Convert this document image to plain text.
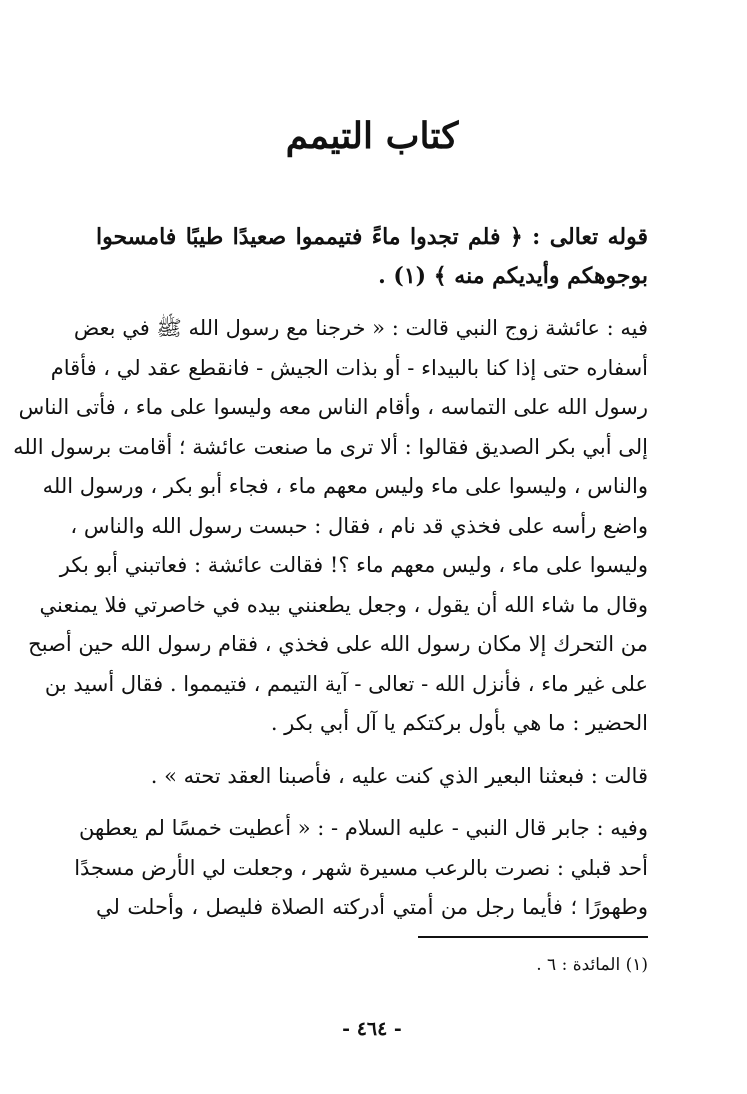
كتاب التيمم
قوله تعالى : ﴿ فلم تجدوا ماءً فتيمموا صعيدًا طيبًا فامسحوا
بوجوهكم وأيديكم منه ﴾ (١) .
فيه : عائشة زوج النبي قالت : « خرجنا مع رسول الله ﷺ في بعض
أسفاره حتى إذا كنا بالبيداء - أو بذات الجيش - فانقطع عقد لي ، فأقام
رسول الله على التماسه ، وأقام الناس معه وليسوا على ماء ، فأتى الناس
إلى أبي بكر الصديق فقالوا : ألا ترى ما صنعت عائشة ؛ أقامت برسول الله
والناس ، وليسوا على ماء وليس معهم ماء ، فجاء أبو بكر ، ورسول الله
واضع رأسه على فخذي قد نام ، فقال : حبست رسول الله والناس ،
وليسوا على ماء ، وليس معهم ماء ؟! فقالت عائشة : فعاتبني أبو بكر
وقال ما شاء الله أن يقول ، وجعل يطعنني بيده في خاصرتي فلا يمنعني
من التحرك إلا مكان رسول الله على فخذي ، فقام رسول الله حين أصبح
على غير ماء ، فأنزل الله - تعالى - آية التيمم ، فتيمموا . فقال أسيد بن
الحضير : ما هي بأول بركتكم يا آل أبي بكر .
قالت : فبعثنا البعير الذي كنت عليه ، فأصبنا العقد تحته » .
وفيه : جابر قال النبي - عليه السلام - : « أعطيت خمسًا لم يعطهن
أحد قبلي : نصرت بالرعب مسيرة شهر ، وجعلت لي الأرض مسجدًا
وطهورًا ؛ فأيما رجل من أمتي أدركته الصلاة فليصل ، وأحلت لي
(١) المائدة : ٦ .
- ٤٦٤ -
